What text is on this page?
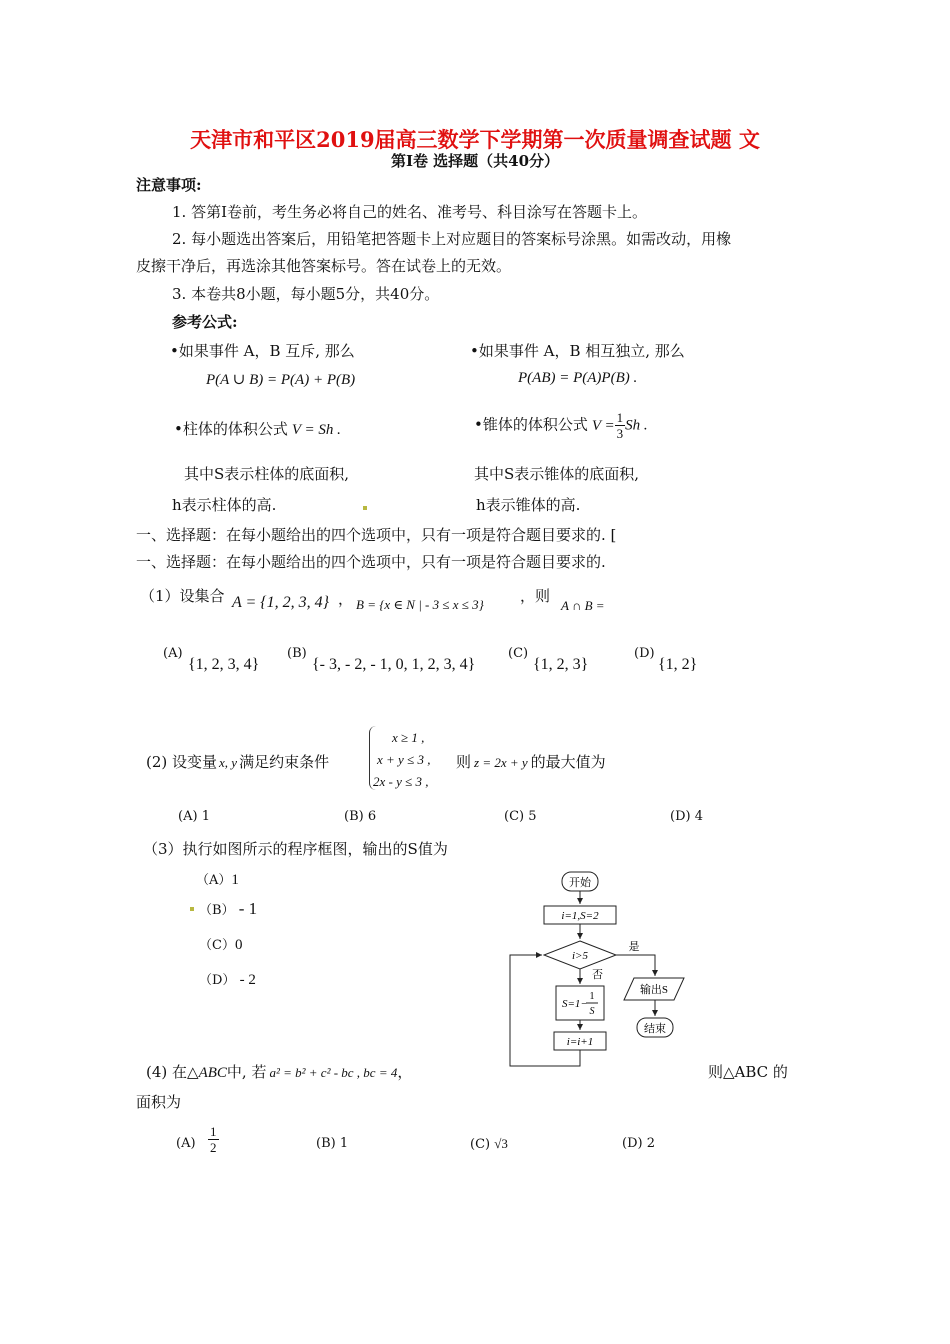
天津市和平区2019届高三数学下学期第一次质量调查试题 文
第Ⅰ卷 选择题（共40分）
注意事项:
1. 答第Ⅰ卷前，考生务必将自己的姓名、准考号、科目涂写在答题卡上。
2. 每小题选出答案后，用铅笔把答题卡上对应题目的答案标号涂黑。如需改动，用橡
皮擦干净后，再选涂其他答案标号。答在试卷上的无效。
3. 本卷共8小题，每小题5分，共40分。
参考公式:
•如果事件 A，B 互斥, 那么
P(A ∪ B) = P(A) + P(B)
•如果事件 A，B 相互独立, 那么
P(AB) = P(A)P(B) .
•柱体的体积公式 V = Sh .	•锥体的体积公式 $V = \frac{1}{3}$ Sh .
其中S表示柱体的底面积,
h表示柱体的高.
其中S表示锥体的底面积,
h表示锥体的高.
一、选择题：在每小题给出的四个选项中，只有一项是符合题目要求的. [
一、选择题：在每小题给出的四个选项中，只有一项是符合题目要求的.
（1）设集合 A = {1, 2, 3, 4} ， B = {x ∈ N | - 3 ≤ x ≤ 3} ，则
A ∩ B =
(A)
{1, 2, 3, 4}
(B)
{- 3, - 2, - 1, 0, 1, 2, 3, 4}
(C)
{1, 2, 3}
(D)
{1, 2}
(2) 设变量 x, y 满足约束条件
x ≥ 1 ,
x + y ≤ 3 ,
2x - y ≤ 3 ,
则 z = 2x + y 的最大值为
(A) 1	(B) 6	(C) 5	(D) 4
（3）执行如图所示的程序框图，输出的S值为
（A）1
（B） - 1
（C）0
（D） - 2
开始
i=1,S=2
i>5
是
输出S
结束
否
S=1−
1
S
i=i+1
(4) 在△ABC中, 若 a² = b² + c² - bc , bc = 4，	则△ABC 的
面积为
$(A) \frac{1}{2}$	(B) 1	(C) √3	(D) 2
